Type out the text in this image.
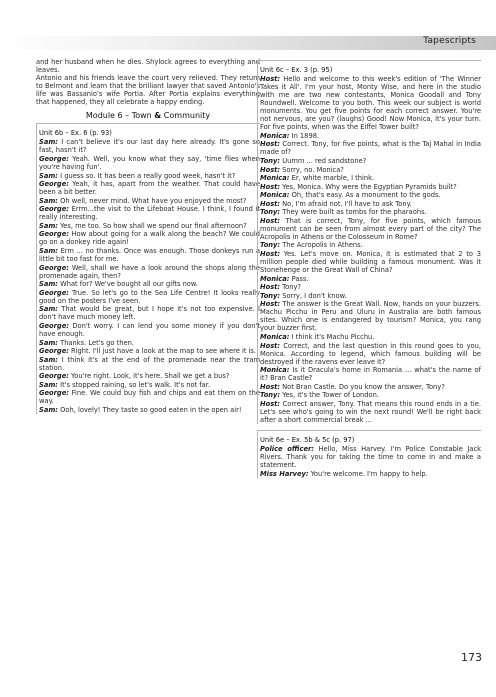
Tapescripts

and her husband when he dies. Shylock agrees to everything and leaves.

Antonio and his friends leave the court very relieved. They return to Belmont and learn that the brilliant lawyer that saved Antonio's life was Bassanio's wife Portia. After Portia explains everything that happened, they all celebrate a happy ending.

Module 6 – Town & Community
Unit 6b – Ex. 6 (p. 93)

Sam: I can't believe it's our last day here already. It's gone so fast, hasn't it?

George: Yeah. Well, you know what they say, 'time flies when you're having fun'.

Sam: I guess so. It has been a really good week, hasn't it?

George: Yeah, it has, apart from the weather. That could have been a bit better.

Sam: Oh well, never mind. What have you enjoyed the most?

George: Errm...the visit to the Lifeboat House. I think, I found it really interesting.

Sam: Yes, me too. So how shall we spend our final afternoon?

George: How about going for a walk along the beach? We could go on a donkey ride again!

Sam: Erm ... no thanks. Once was enough. Those donkeys run a little bit too fast for me.

George: Well, shall we have a look around the shops along the promenade again, then?

Sam: What for? We've bought all our gifts now.

George: True. So let's go to the Sea Life Centre! It looks really good on the posters I've seen.

Sam: That would be great, but I hope it's not too expensive. I don't have much money left.

George: Don't worry. I can lend you some money if you don't have enough.

Sam: Thanks. Let's go then.

George: Right. I'll just have a look at the map to see where it is.

Sam: I think it's at the end of the promenade near the tram station.

George: You're right. Look, it's here. Shall we get a bus?

Sam: It's stopped raining, so let's walk. It's not far.

George: Fine. We could buy fish and chips and eat them on the way.

Sam: Ooh, lovely! They taste so good eaten in the open air!

Unit 6c – Ex. 3 (p. 95)

Host: Hello and welcome to this week's edition of 'The Winner Takes it All'. I'm your host, Monty Wise, and here in the studio with me are two new contestants, Monica Goodall and Tony Roundwell. Welcome to you both. This week our subject is world monuments. You get five points for each correct answer. You're not nervous, are you? (laughs) Good! Now Monica, it's your turn. For five points, when was the Eiffel Tower built?

Monica: In 1898.

Host: Correct. Tony, for five points, what is the Taj Mahal in India made of?

Tony: Uumm ... red sandstone?

Host: Sorry, no. Monica?

Monica: Er, white marble, I think.

Host: Yes, Monica. Why were the Egyptian Pyramids built?

Monica: Oh, that's easy. As a monument to the gods.

Host: No, I'm afraid not. I'll have to ask Tony.

Tony: They were built as tombs for the pharaohs.

Host: That is correct, Tony, for five points, which famous monument can be seen from almost every part of the city? The Acropolis in Athens or the Colosseum in Rome?

Tony: The Acropolis in Athens.

Host: Yes. Let's move on. Monica, it is estimated that 2 to 3 million people died while building a famous monument. Was it Stonehenge or the Great Wall of China?

Monica: Pass.

Host: Tony?

Tony: Sorry, I don't know.

Host: The answer is the Great Wall. Now, hands on your buzzers. Machu Picchu in Peru and Uluru in Australia are both famous sites. Which one is endangered by tourism? Monica, you rang your buzzer first.

Monica: I think it's Machu Picchu.

Host: Correct, and the last question in this round goes to you, Monica. According to legend, which famous building will be destroyed if the ravens ever leave it?

Monica: Is it Dracula's home in Romania ... what's the name of it? Bran Castle?

Host: Not Bran Castle. Do you know the answer, Tony?

Tony: Yes, it's the Tower of London.

Host: Correct answer, Tony. That means this round ends in a tie. Let's see who's going to win the next round! We'll be right back after a short commercial break ...

Unit 6e – Ex. 5b & 5c (p. 97)

Police officer: Hello, Miss Harvey. I'm Police Constable Jack Rivers. Thank you for taking the time to come in and make a statement.

Miss Harvey: You're welcome. I'm happy to help.

173
